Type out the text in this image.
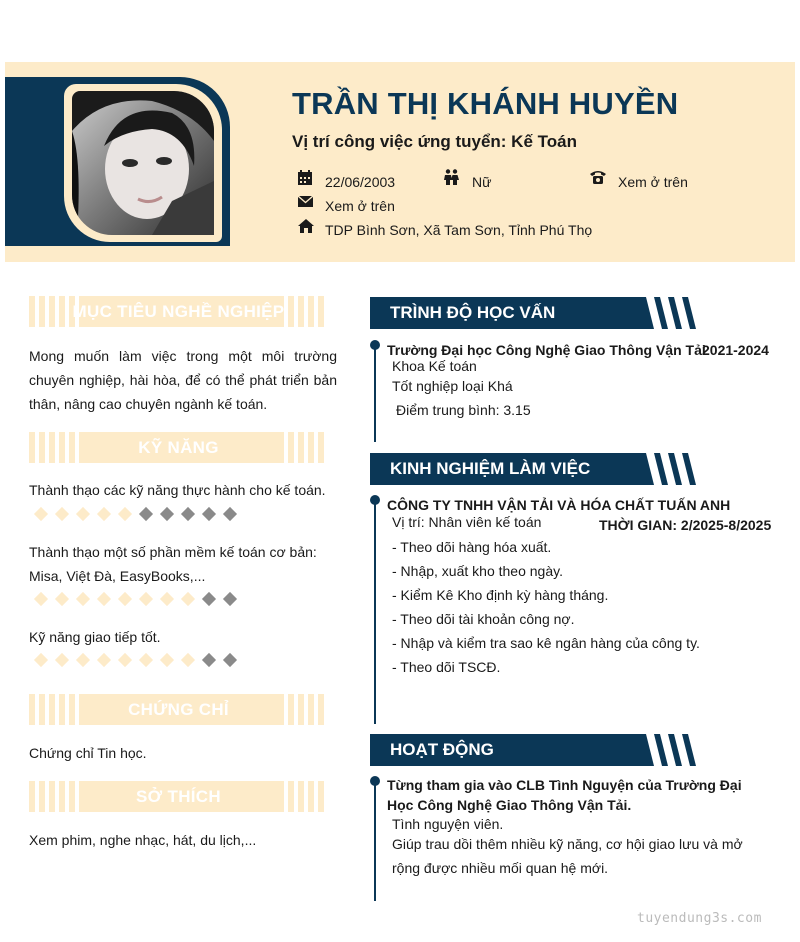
TRẦN THỊ KHÁNH HUYỀN
Vị trí công việc ứng tuyển: Kế Toán
22/06/2003	Nữ	Xem ở trên
Xem ở trên
TDP Bình Sơn, Xã Tam Sơn, Tỉnh Phú Thọ
MỤC TIÊU NGHỀ NGHIỆP
Mong muốn làm việc trong một môi trường chuyên nghiệp, hài hòa, để có thể phát triển bản thân, nâng cao chuyên ngành kế toán.
KỸ NĂNG
Thành thạo các kỹ năng thực hành cho kế toán.
Thành thạo một số phần mềm kế toán cơ bản: Misa, Việt Đà, EasyBooks,...
Kỹ năng giao tiếp tốt.
CHỨNG CHỈ
Chứng chỉ Tin học.
SỞ THÍCH
Xem phim, nghe nhạc, hát, du lịch,...
TRÌNH ĐỘ HỌC VẤN
Trường Đại học Công Nghệ Giao Thông Vận Tải
2021-2024
Khoa Kế toán
Tốt nghiệp loại Khá
Điểm trung bình: 3.15
KINH NGHIỆM LÀM VIỆC
CÔNG TY TNHH VẬN TẢI VÀ HÓA CHẤT TUẤN ANH
Vị trí: Nhân viên kế toán	THỜI GIAN: 2/2025-8/2025
- Theo dõi hàng hóa xuất.
- Nhập, xuất kho theo ngày.
- Kiểm Kê Kho định kỳ hàng tháng.
- Theo dõi tài khoản công nợ.
- Nhập và kiểm tra sao kê ngân hàng của công ty.
- Theo dõi TSCĐ.
HOẠT ĐỘNG
Từng tham gia vào CLB Tình Nguyện của Trường Đại Học Công Nghệ Giao Thông Vận Tải.
Tình nguyện viên.
Giúp trau dồi thêm nhiều kỹ năng, cơ hội giao lưu và mở rộng được nhiều mối quan hệ mới.
tuyendung3s.com
